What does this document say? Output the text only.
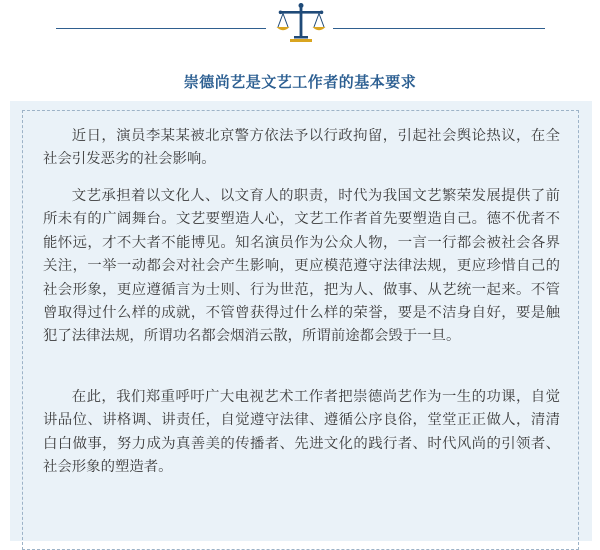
崇德尚艺是文艺工作者的基本要求

近日，演员李某某被北京警方依法予以行政拘留，引起社会舆论热议，在全社会引发恶劣的社会影响。

文艺承担着以文化人、以文育人的职责，时代为我国文艺繁荣发展提供了前所未有的广阔舞台。文艺要塑造人心，文艺工作者首先要塑造自己。德不优者不能怀远，才不大者不能博见。知名演员作为公众人物，一言一行都会被社会各界关注，一举一动都会对社会产生影响，更应模范遵守法律法规，更应珍惜自己的社会形象，更应遵循言为士则、行为世范，把为人、做事、从艺统一起来。不管曾取得过什么样的成就，不管曾获得过什么样的荣誉，要是不洁身自好，要是触犯了法律法规，所谓功名都会烟消云散，所谓前途都会毁于一旦。

在此，我们郑重呼吁广大电视艺术工作者把崇德尚艺作为一生的功课，自觉讲品位、讲格调、讲责任，自觉遵守法律、遵循公序良俗，堂堂正正做人，清清白白做事，努力成为真善美的传播者、先进文化的践行者、时代风尚的引领者、社会形象的塑造者。
